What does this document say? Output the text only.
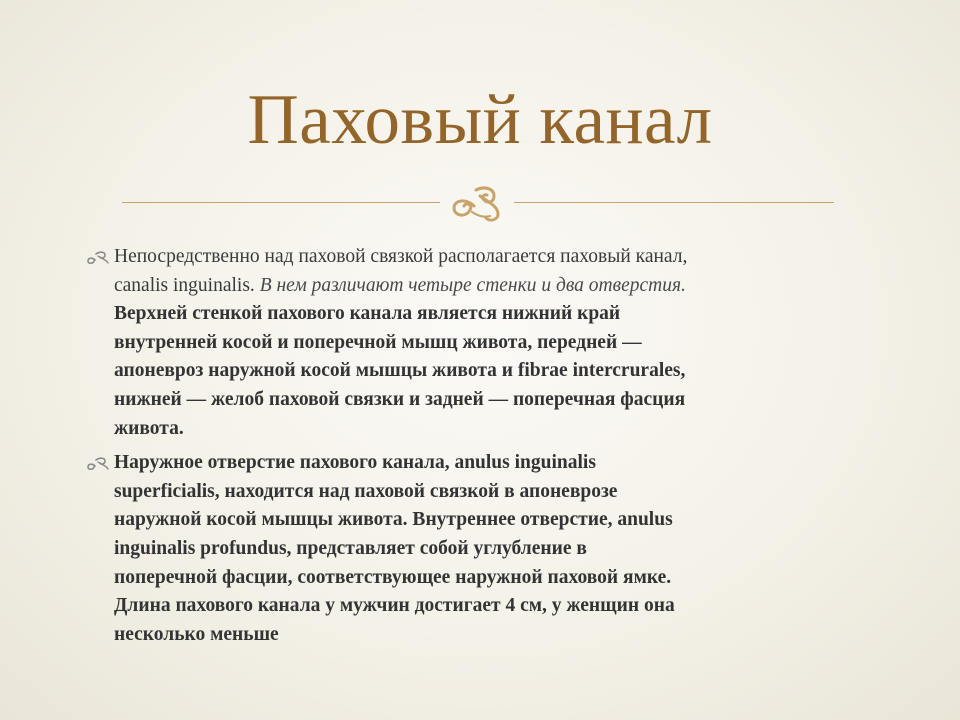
Паховый канал
Непосредственно над паховой связкой располагается паховый канал,
canalis inguinalis. В нем различают четыре стенки и два отверстия.
Верхней стенкой пахового канала является нижний край
внутренней косой и поперечной мышц живота, передней —
апоневроз наружной косой мышцы живота и fibrae intercrurales,
нижней — желоб паховой связки и задней — поперечная фасция
живота.
Наружное отверстие пахового канала, anulus inguinalis
superficialis, находится над паховой связкой в апоневрозе
наружной косой мышцы живота. Внутреннее отверстие, anulus
inguinalis profundus, представляет собой углубление в
поперечной фасции, соответствующее наружной паховой ямке.
Длина пахового канала у мужчин достигает 4 см, у женщин она
несколько меньше
